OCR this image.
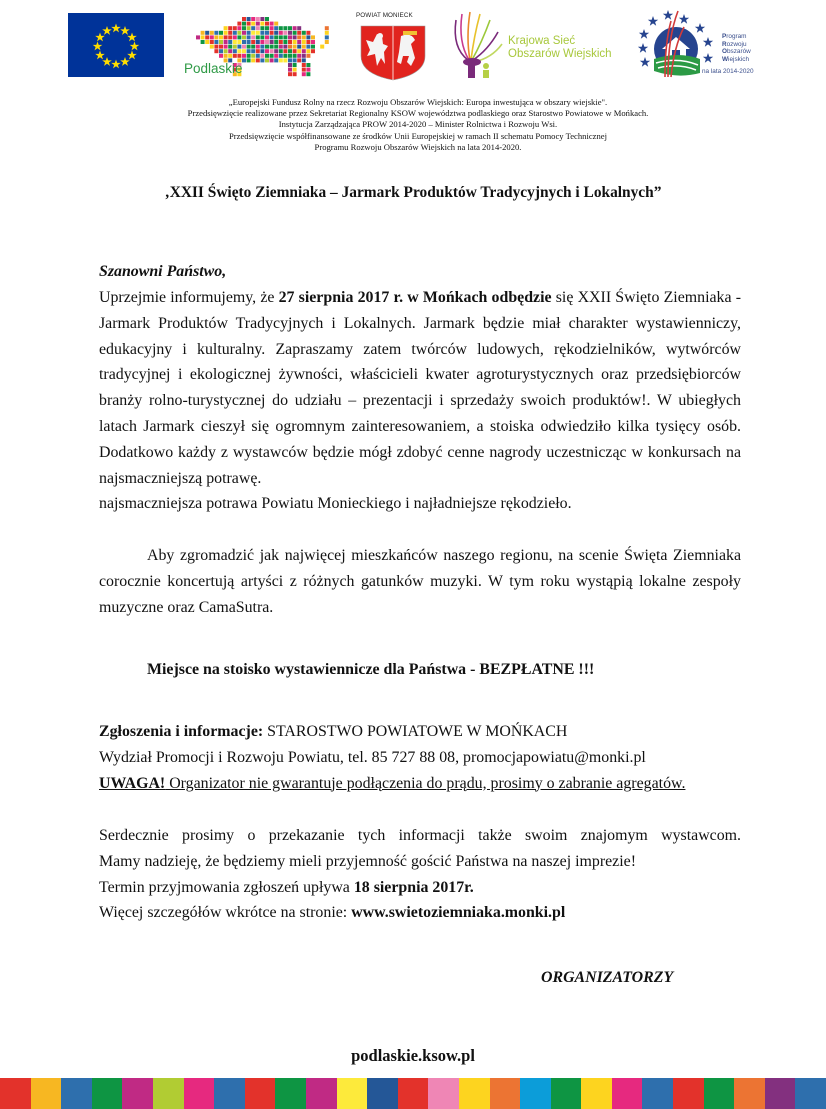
Podlaskie
POWIAT MONIECK
Krajowa Sieć
Obszarów Wiejskich
Program
Rozwoju
Obszarów
Wiejskich
na lata 2014-2020
„Europejski Fundusz Rolny na rzecz Rozwoju Obszarów Wiejskich: Europa inwestująca w obszary wiejskie".
Przedsięwzięcie realizowane przez Sekretariat Regionalny KSOW województwa podlaskiego oraz Starostwo Powiatowe w Mońkach.
Instytucja Zarządzająca PROW 2014-2020 – Minister Rolnictwa i Rozwoju Wsi.
Przedsięwzięcie współfinansowane ze środków Unii Europejskiej w ramach II schematu Pomocy Technicznej
Programu Rozwoju Obszarów Wiejskich na lata 2014-2020.
‚XXII Święto Ziemniaka – Jarmark Produktów Tradycyjnych i Lokalnych”
Szanowni Państwo,
Uprzejmie informujemy, że 27 sierpnia 2017 r. w Mońkach odbędzie się XXII Święto Ziemniaka - Jarmark Produktów Tradycyjnych i Lokalnych. Jarmark będzie miał charakter wystawienniczy, edukacyjny i kulturalny. Zapraszamy zatem twórców ludowych, rękodzielników, wytwórców tradycyjnej i ekologicznej żywności, właścicieli kwater agroturystycznych oraz przedsiębiorców branży rolno-turystycznej do udziału – prezentacji i sprzedaży swoich produktów!. W ubiegłych latach Jarmark cieszył się ogromnym zainteresowaniem, a stoiska odwiedziło kilka tysięcy osób. Dodatkowo każdy z wystawców będzie mógł zdobyć cenne nagrody uczestnicząc w konkursach na najsmaczniejszą potrawę.
najsmaczniejsza potrawa Powiatu Monieckiego i najładniejsze rękodzieło.
Aby zgromadzić jak najwięcej mieszkańców naszego regionu, na scenie Święta Ziemniaka corocznie koncertują artyści z różnych gatunków muzyki. W tym roku wystąpią lokalne zespoły muzyczne oraz CamaSutra.
Miejsce na stoisko wystawiennicze dla Państwa - BEZPŁATNE !!!
Zgłoszenia i informacje: STAROSTWO POWIATOWE W MOŃKACH
Wydział Promocji i Rozwoju Powiatu, tel. 85 727 88 08, promocjapowiatu@monki.pl
UWAGA! Organizator nie gwarantuje podłączenia do prądu, prosimy o zabranie agregatów.
Serdecznie prosimy o przekazanie tych informacji także swoim znajomym wystawcom.
Mamy nadzieję, że będziemy mieli przyjemność gościć Państwa na naszej imprezie!
Termin przyjmowania zgłoszeń upływa 18 sierpnia 2017r.
Więcej szczegółów wkrótce na stronie: www.swietoziemniaka.monki.pl
ORGANIZATORZY
podlaskie.ksow.pl
